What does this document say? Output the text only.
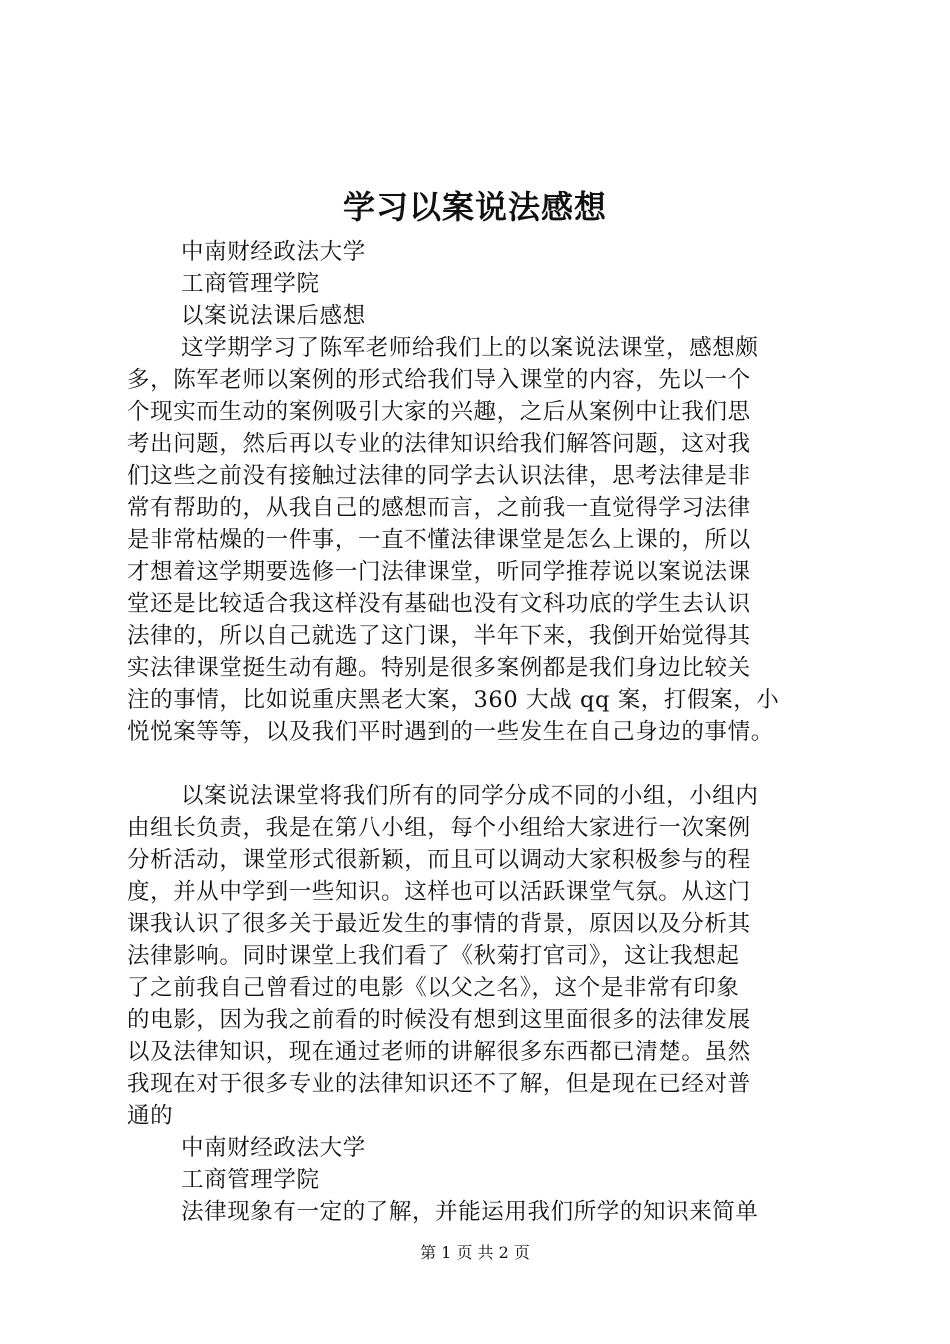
学习以案说法感想
中南财经政法大学
工商管理学院
以案说法课后感想
这学期学习了陈军老师给我们上的以案说法课堂，感想颇
多，陈军老师以案例的形式给我们导入课堂的内容，先以一个
个现实而生动的案例吸引大家的兴趣，之后从案例中让我们思
考出问题，然后再以专业的法律知识给我们解答问题，这对我
们这些之前没有接触过法律的同学去认识法律，思考法律是非
常有帮助的，从我自己的感想而言，之前我一直觉得学习法律
是非常枯燥的一件事，一直不懂法律课堂是怎么上课的，所以
才想着这学期要选修一门法律课堂，听同学推荐说以案说法课
堂还是比较适合我这样没有基础也没有文科功底的学生去认识
法律的，所以自己就选了这门课，半年下来，我倒开始觉得其
实法律课堂挺生动有趣。特别是很多案例都是我们身边比较关
注的事情，比如说重庆黑老大案，360 大战 qq 案，打假案，小
悦悦案等等，以及我们平时遇到的一些发生在自己身边的事情。
以案说法课堂将我们所有的同学分成不同的小组，小组内
由组长负责，我是在第八小组，每个小组给大家进行一次案例
分析活动，课堂形式很新颖，而且可以调动大家积极参与的程
度，并从中学到一些知识。这样也可以活跃课堂气氛。从这门
课我认识了很多关于最近发生的事情的背景，原因以及分析其
法律影响。同时课堂上我们看了《秋菊打官司》，这让我想起
了之前我自己曾看过的电影《以父之名》，这个是非常有印象
的电影，因为我之前看的时候没有想到这里面很多的法律发展
以及法律知识，现在通过老师的讲解很多东西都已清楚。虽然
我现在对于很多专业的法律知识还不了解，但是现在已经对普
通的
中南财经政法大学
工商管理学院
法律现象有一定的了解，并能运用我们所学的知识来简单
第 1 页 共 2 页
